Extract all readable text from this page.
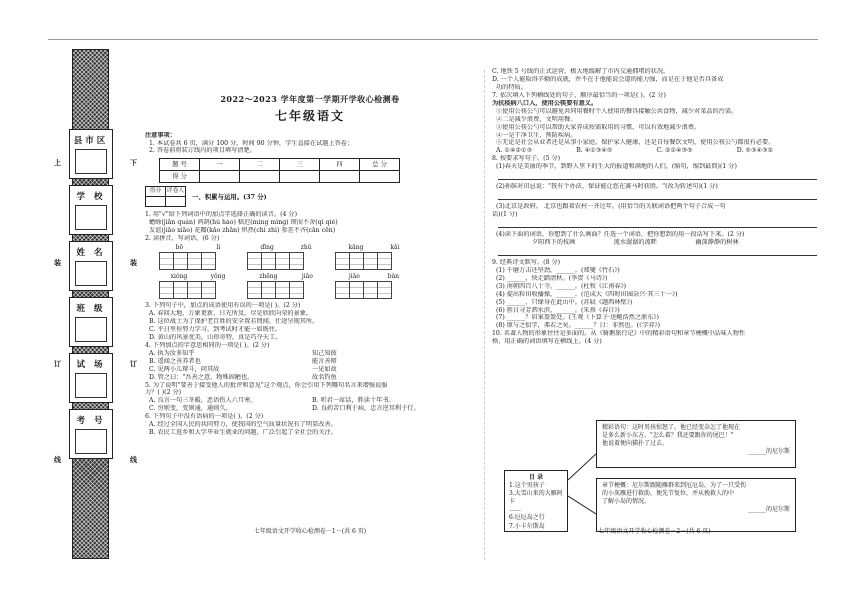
上	下
装	装
订	订
线	线
县市区
学 校
姓 名
班 级
试 场
考 号
2022～2023 学年度第一学期开学收心检测卷
七年级语文
注意事项：
1. 本试卷共 6 页，满分 100 分，时间 90 分钟，学生直接在试题上答卷；
2. 答卷前将装订线内的项目填写清楚。
题 号	一	二	三	四	总 分
得 分					
得分	评卷人

一、积累与运用。(37 分)
1. 用"√"给下列词语中的加点字选择正确的读音。(4 分)
蟾蜍(jiǎn quán) 鸿鹄(hú háo) 嵇迟(míng mìng) 锲而不舍(qì qiè)
友谊(jiāo xiāo) 花瓣(kǎo zhān) 炽热(chì zhì) 参差不齐(cān cēn)
2. 读拼音，写词语。(6 分)
bō	li	dīng	zhǔ	kǎng	kǎi
xióng	yǒng	zhēng	jiāo	jiāo	bàn
3. 下列句子中，加点的成语使用有误的一项是( )。(2 分)
A. 春回大地，万象更新，日光所及，尽是欣欣向荣的景象。
B. 这位战士为了保护老百姓的安全置若罔闻，仕途呈现其所。
C. 平日里你努力学习，到考试时才能一如既往。
D. 黄山的风景优美，山形奇特，真是巧夺天工。
4. 下列加点的字意思相同的一项是( )。(2 分)
A. 执为汝多知乎	知己知彼
B. 遥闻之善养者也	能言善辩
C. 见两小儿辩斗，问其故	一见如故
D. 管之曰："吾善之意，物殊固陋也。	故名钓鱼
5. 为了说明"要善于接受他人的批评和意见"这个观点，你会引用下列哪句名言来增强说服
力？( )(2 分)
A. 良言一句三冬暖，恶语伤人六月寒。	B. 听君一席话，胜读十年书。
C. 穷则变，变则通，通则久。	D. 良药苦口利于病，忠言逆耳利于行。
6. 下列句子中没有语病的一项是( )。(2 分)
A. 经过全国人民的共同努力，使我国的空气质量状况有了明显改善。
B. 农民工返乡和大学毕业生就业的问题，广泛引起了全社会的关注。
七年级语文开学收心检测卷－1－(共 6 页)
C. 地铁 5 号线的正式运营，极大地缓解了市内交通拥堵的状况。
D. 一个人能取得辛勤的成就，并不在于他能说会道的能力强，而是在于他是否具备成
功的特质。
7. 依次填入下列横线处的句子，顺序最恰当的一项是( )。(2 分)
为抗疫病八口入，使用公筷要有意义。
①使用公筷公勺可以避免共同用餐时个人使用的餐具接触公共食物，减少对菜品的污染。
②二是减少浪费，文明用餐。
③使用公筷公勺可以帮助大家养成按需取用的习惯，可以有效地减少浪费。
④一是干净卫生，预防疾病。
⑤无论是社会从业者还是从事小家庭，保护家人健康，还是自每餐饮文明，使用公筷公勺都很有必要。
A. ①④②①③	B. ④①③④⑤	C. ②①④③⑤	D. ⑤③④③②
8. 按要求写句子。(5 分)
(1)春天是美丽的季节，到野人里下的生大的报道和满地的人们，(缩句，缩到最简)(1 分)
(2)孙膑对田忌说："我有个办法，保证能让您在赛马时获胜。"(改为转述句)(1 分)
(3)北京是政府。 北京也跟着农村一齐过年。(用恰当的关联词语把两个句子合成一句
话)(1 分)
(4)读下面的词语，你想到了什么画面？任选一个词语，把你想到的用一段话写下来。(2 分)
夕阳西下的枝画	流水潺潺的流畔	幽深静静的树林
9. 经典诗文默写。(8 分)
(1) 千磨万击还坚劲，______。(郑燮《竹石》)
(2) ______，快走踏清秋。(李贺《马诗》)
(3) 南朝四百八十寺，______。(杜牧《江南春》)
(4) 提出粒田收播操，______。(范成大《四时田园杂兴·其三十一》)
(5) ______，只缘身在此山中。(苏轼《题西林壁》)
(6) 胜日寻芳泗水滨，______。(朱熹《春日》)
(7) ______？眉案盈盈处。(王观《卜算子·送鲍浩然之浙东》)
(8) 原与之俱学，弗若之矣。______？日：非然也。(《学弈》)
10. 名著人物的形象往往是多面的。从《骑鹅旅行记》中的精彩语句和章节梗概中品味人物性
格，用正确的词语填写在横线上。(4 分)
目 录
1.这个男孩子
3.大雪山来的大雁阿卡
……
6.厄厄岛之行
7.小卡尔斯岛
精彩语句：这时男孩惊怒了。他已经变杂怎了他现在
是多么新小东方。"怎么着？我还要跟你的尾巴！"
他说着便向猫扑了过去。
______的尼尔斯
章节梗概：尼尔斯跟随雁群来到厄厄岛。为了一只受伤
的小灰雁进行救助，便先节复位，并从挽救人的中
了解小岛的情况。
______的尼尔斯
七年级语文开学收心检测卷－2－(共 6 页)
